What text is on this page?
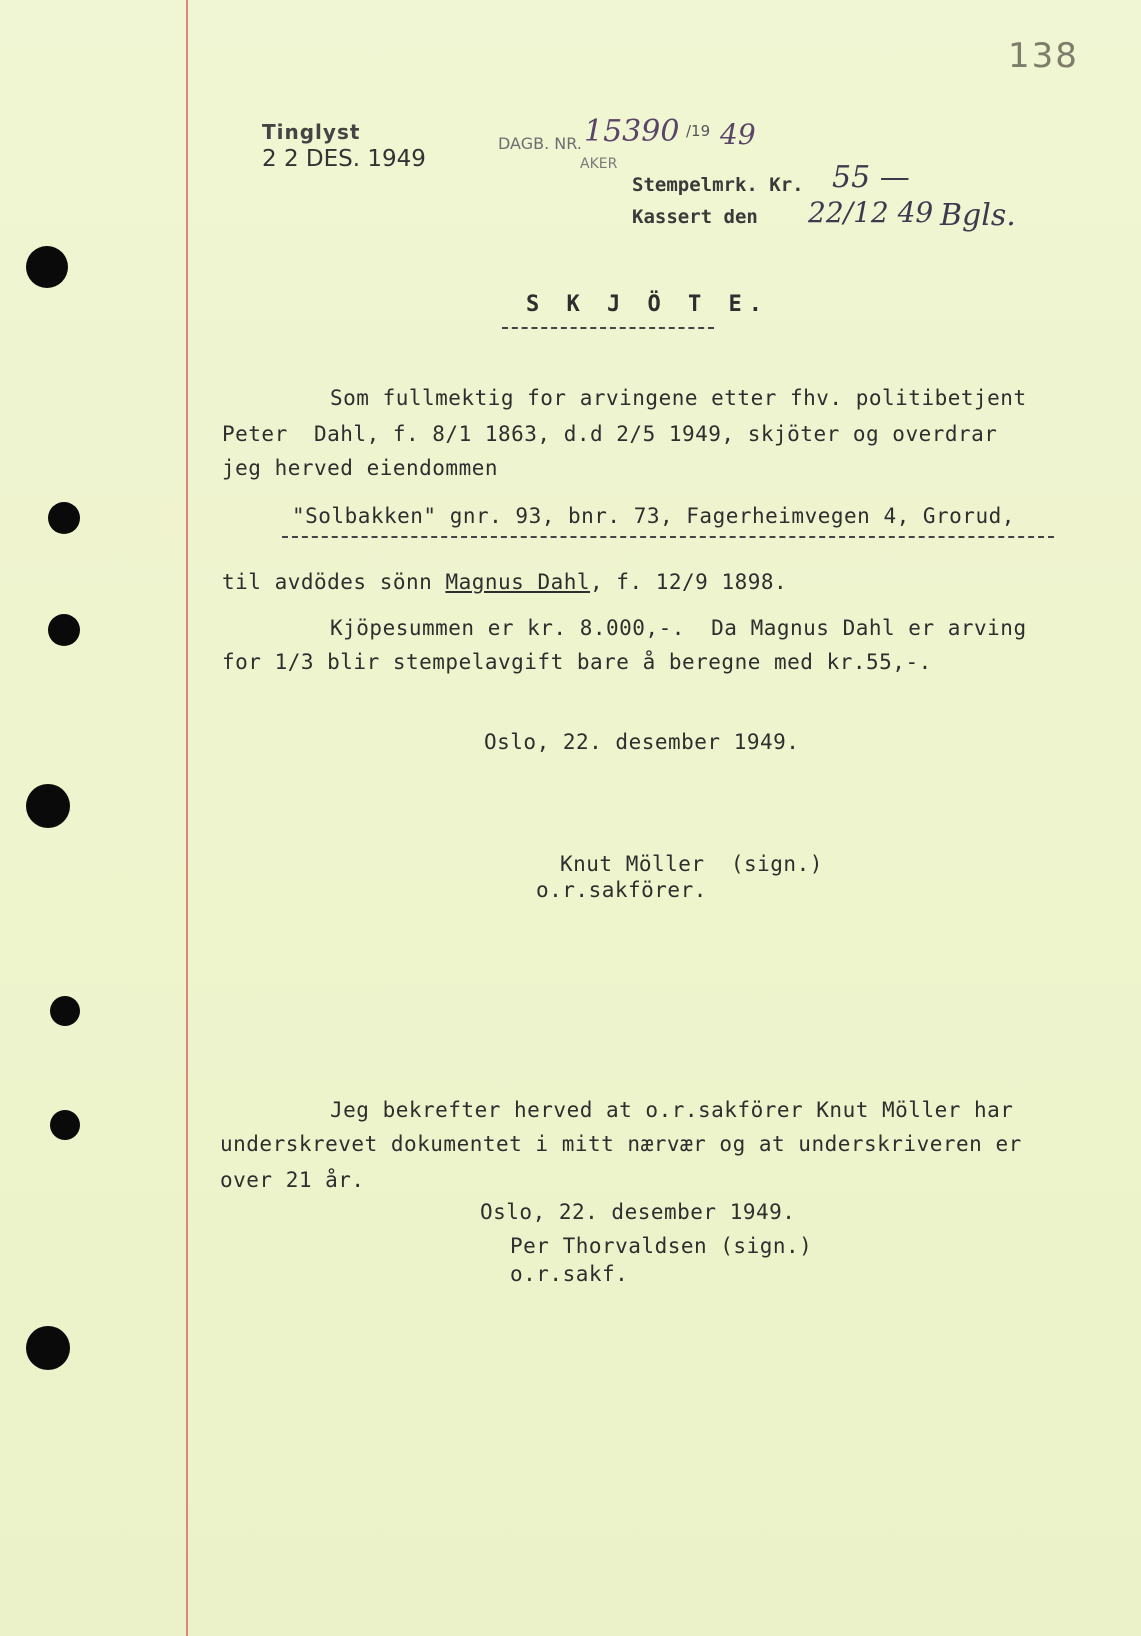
138
Tinglyst
2 2 DES. 1949
DAGB. NR. 15390 /19 49
AKER
Stempelmrk. Kr. 55 —
Kassert den 22/12 49 Bgls.
S K J Ö T E.
Som fullmektig for arvingene etter fhv. politibetjent
Peter  Dahl, f. 8/1 1863, d.d 2/5 1949, skjöter og overdrar
jeg herved eiendommen
"Solbakken" gnr. 93, bnr. 73, Fagerheimvegen 4, Grorud,
til avdödes sönn Magnus Dahl, f. 12/9 1898.
Kjöpesummen er kr. 8.000,-.  Da Magnus Dahl er arving
for 1/3 blir stempelavgift bare å beregne med kr.55,-.
Oslo, 22. desember 1949.
Knut Möller  (sign.)
o.r.sakförer.
Jeg bekrefter herved at o.r.sakförer Knut Möller har
underskrevet dokumentet i mitt nærvær og at underskriveren er
over 21 år.
Oslo, 22. desember 1949.
Per Thorvaldsen (sign.)
o.r.sakf.
